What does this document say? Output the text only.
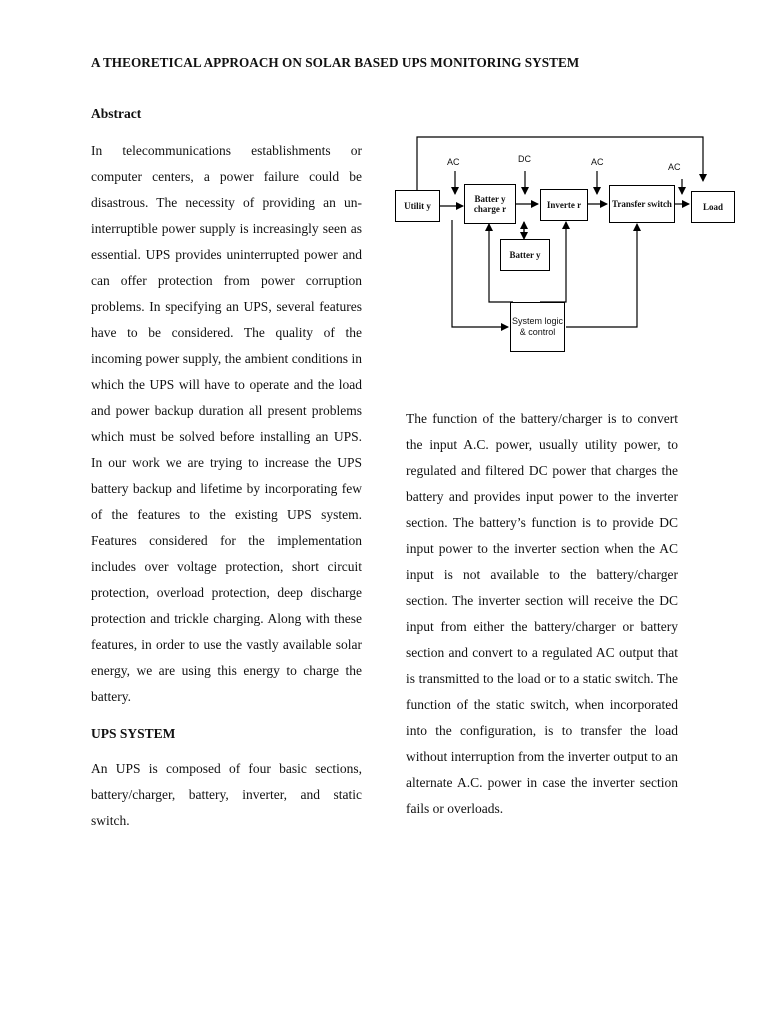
A THEORETICAL APPROACH ON SOLAR BASED UPS MONITORING SYSTEM

Abstract

In telecommunications establishments or computer centers, a power failure could be disastrous. The necessity of providing an un-interruptible power supply is increasingly seen as essential. UPS provides uninterrupted power and can offer protection from power corruption problems. In specifying an UPS, several features have to be considered. The quality of the incoming power supply, the ambient conditions in which the UPS will have to operate and the load and power backup duration all present problems which must be solved before installing an UPS. In our work we are trying to increase the UPS battery backup and lifetime by incorporating few of the features to the existing UPS system. Features considered for the implementation includes over voltage protection, short circuit protection, overload protection, deep discharge protection and trickle charging. Along with these features, in order to use the vastly available solar energy, we are using this energy to charge the battery.

UPS SYSTEM

An UPS is composed of four basic sections, battery/charger, battery, inverter, and static switch.

Utilit y
Batter y charge r	Inverte r	Transfer switch	Load
Batter y
System logic & control
AC	DC	AC	AC

The function of the battery/charger is to convert the input A.C. power, usually utility power, to regulated and filtered DC power that charges the battery and provides input power to the inverter section. The battery’s function is to provide DC input power to the inverter section when the AC input is not available to the battery/charger section. The inverter section will receive the DC input from either the battery/charger or battery section and convert to a regulated AC output that is transmitted to the load or to a static switch. The function of the static switch, when incorporated into the configuration, is to transfer the load without interruption from the inverter output to an alternate A.C. power in case the inverter section fails or overloads.
